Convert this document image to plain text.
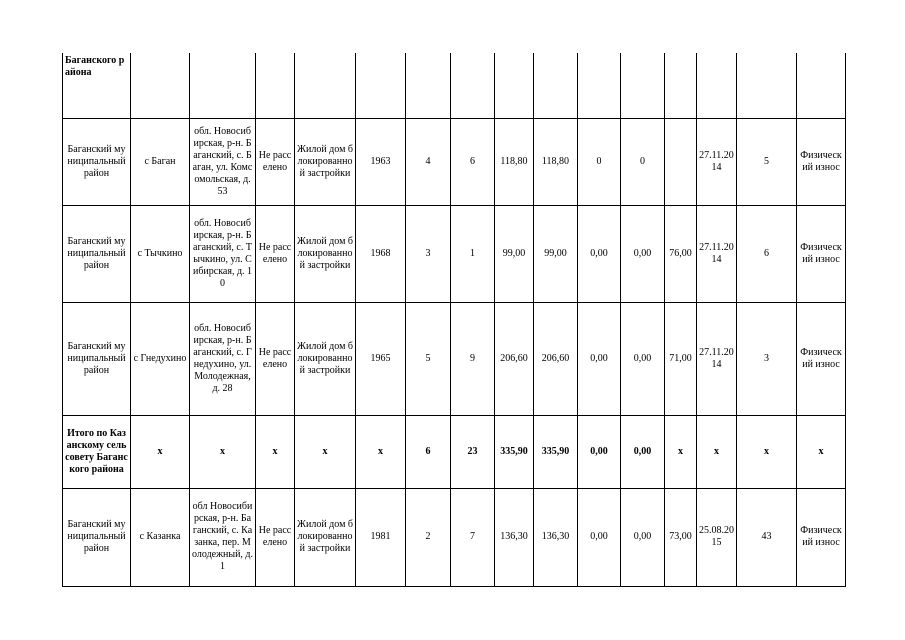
Баганского района															
Баганский муниципальный район	с Баган	обл. Новосибирская, р-н. Баганский, с. Баган, ул. Комсомольская, д. 53	Не расселено	Жилой дом блокированной застройки	1963	4	6	118,80	118,80	0	0		27.11.2014	5	Физический износ
Баганский муниципальный район	с Тычкино	обл. Новосибирская, р-н. Баганский, с. Тычкино, ул. Сибирская, д. 10	Не расселено	Жилой дом блокированной застройки	1968	3	1	99,00	99,00	0,00	0,00	76,00	27.11.2014	6	Физический износ
Баганский муниципальный район	с Гнедухино	обл. Новосибирская, р-н. Баганский, с. Гнедухино, ул. Молодежная, д. 28	Не расселено	Жилой дом блокированной застройки	1965	5	9	206,60	206,60	0,00	0,00	71,00	27.11.2014	3	Физический износ
Итого по Казанскому сельсовету Баганского района	x	x	x	x	x	6	23	335,90	335,90	0,00	0,00	x	x	x	x
Баганский муниципальный район	с Казанка	обл Новосибирская, р-н. Баганский, с. Казанка, пер. Молодежный, д. 1	Не расселено	Жилой дом блокированной застройки	1981	2	7	136,30	136,30	0,00	0,00	73,00	25.08.2015	43	Физический износ
